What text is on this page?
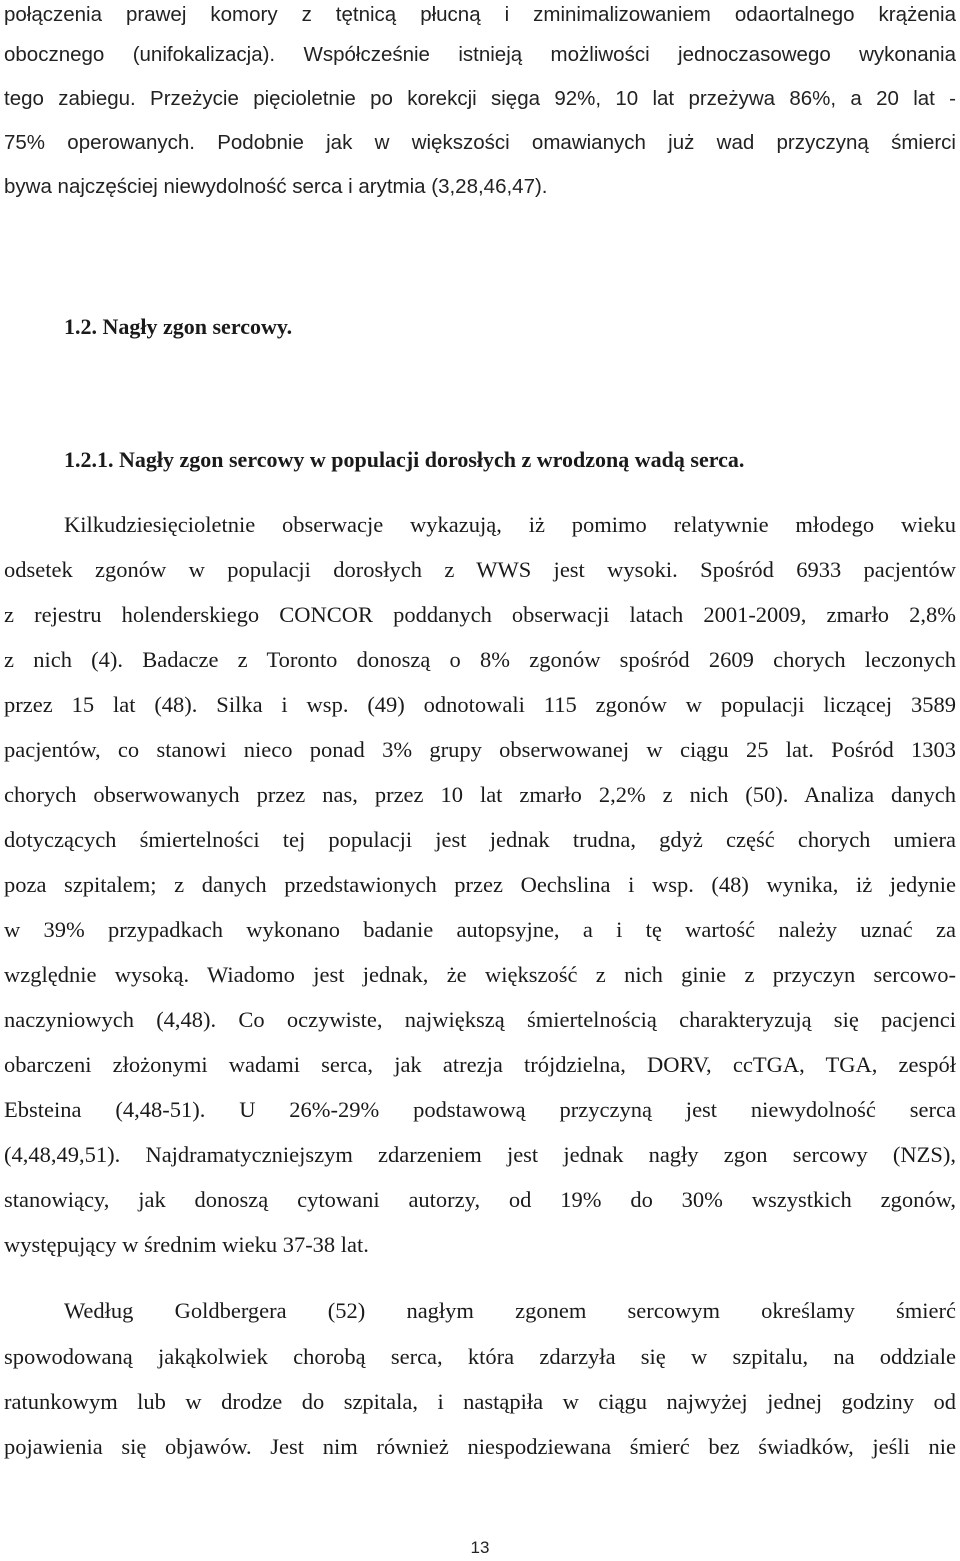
połączenia prawej komory z tętnicą płucną i zminimalizowaniem odaortalnego krążenia
obocznego (unifokalizacja). Współcześnie istnieją możliwości jednoczasowego wykonania
tego zabiegu. Przeżycie pięcioletnie po korekcji sięga 92%, 10 lat przeżywa 86%, a 20 lat -
75% operowanych. Podobnie jak w większości omawianych już wad przyczyną śmierci
bywa najczęściej niewydolność serca i arytmia (3,28,46,47).
1.2. Nagły zgon sercowy.
1.2.1. Nagły zgon sercowy w populacji dorosłych z wrodzoną wadą serca.
Kilkudziesięcioletnie obserwacje wykazują, iż pomimo relatywnie młodego wieku
odsetek zgonów w populacji dorosłych z WWS jest wysoki. Spośród 6933 pacjentów
z rejestru holenderskiego CONCOR poddanych obserwacji latach 2001-2009, zmarło 2,8%
z nich (4). Badacze z Toronto donoszą o 8% zgonów spośród 2609 chorych leczonych
przez 15 lat (48). Silka i wsp. (49) odnotowali 115 zgonów w populacji liczącej 3589
pacjentów, co stanowi nieco ponad 3% grupy obserwowanej w ciągu 25 lat. Pośród 1303
chorych obserwowanych przez nas, przez 10 lat zmarło 2,2% z nich (50). Analiza danych
dotyczących śmiertelności tej populacji jest jednak trudna, gdyż część chorych umiera
poza szpitalem; z danych przedstawionych przez Oechslina i wsp. (48) wynika, iż jedynie
w 39% przypadkach wykonano badanie autopsyjne, a i tę wartość należy uznać za
względnie wysoką. Wiadomo jest jednak, że większość z nich ginie z przyczyn sercowo-
naczyniowych (4,48). Co oczywiste, największą śmiertelnością charakteryzują się pacjenci
obarczeni złożonymi wadami serca, jak atrezja trójdzielna, DORV, ccTGA, TGA, zespół
Ebsteina (4,48-51). U 26%-29% podstawową przyczyną jest niewydolność serca
(4,48,49,51). Najdramatyczniejszym zdarzeniem jest jednak nagły zgon sercowy (NZS),
stanowiący, jak donoszą cytowani autorzy, od 19% do 30% wszystkich zgonów,
występujący w średnim wieku 37-38 lat.
Według Goldbergera (52) nagłym zgonem sercowym określamy śmierć
spowodowaną jakąkolwiek chorobą serca, która zdarzyła się w szpitalu, na oddziale
ratunkowym lub w drodze do szpitala, i nastąpiła w ciągu najwyżej jednej godziny od
pojawienia się objawów. Jest nim również niespodziewana śmierć bez świadków, jeśli nie
13
